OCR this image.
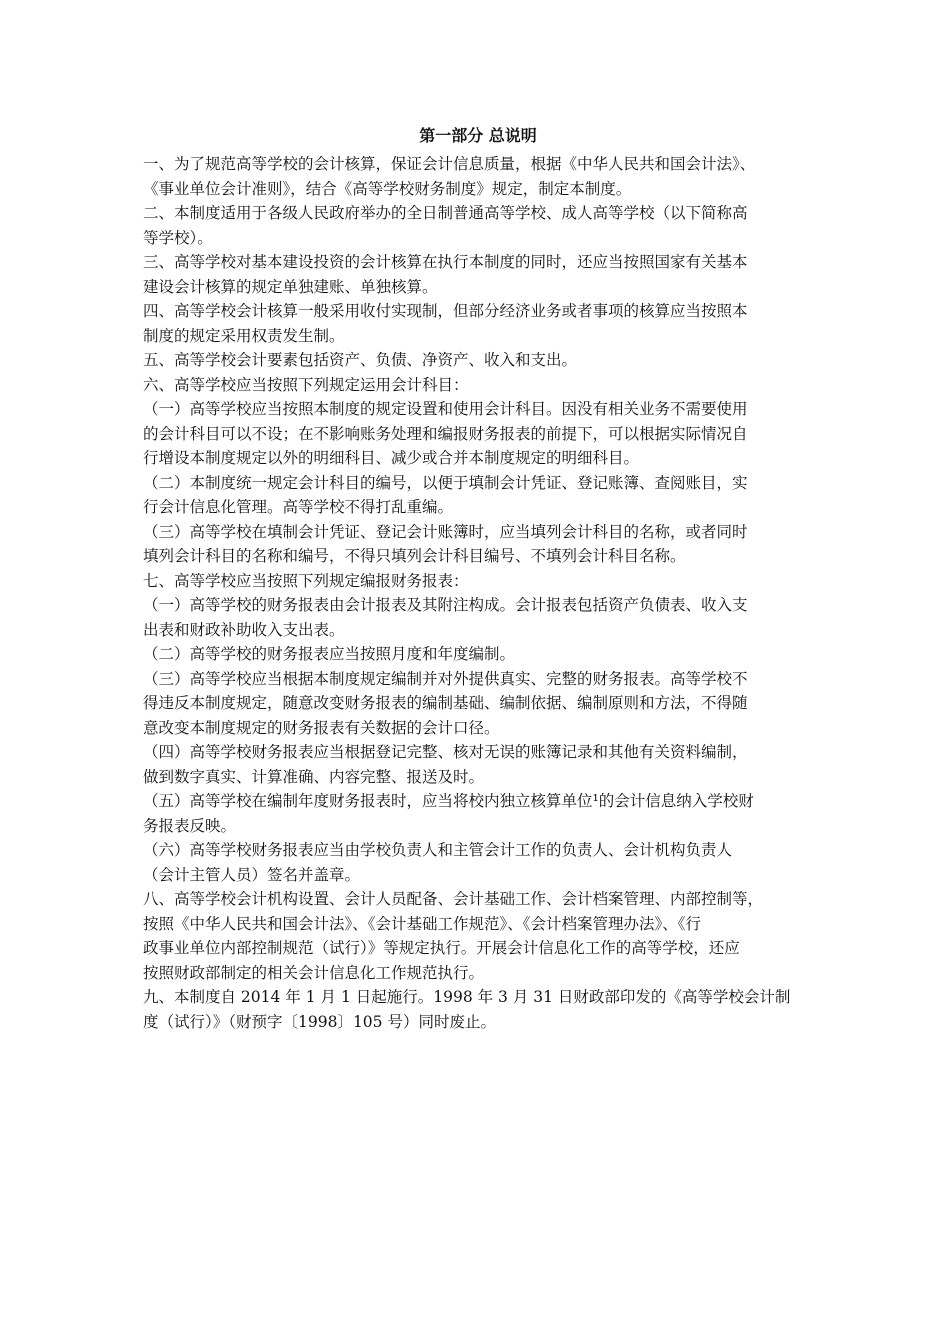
第一部分 总说明

一、为了规范高等学校的会计核算，保证会计信息质量，根据《中华人民共和国会计法》、
《事业单位会计准则》，结合《高等学校财务制度》规定，制定本制度。

二、本制度适用于各级人民政府举办的全日制普通高等学校、成人高等学校（以下简称高
等学校）。

三、高等学校对基本建设投资的会计核算在执行本制度的同时，还应当按照国家有关基本
建设会计核算的规定单独建账、单独核算。

四、高等学校会计核算一般采用收付实现制，但部分经济业务或者事项的核算应当按照本
制度的规定采用权责发生制。

五、高等学校会计要素包括资产、负债、净资产、收入和支出。

六、高等学校应当按照下列规定运用会计科目：

（一）高等学校应当按照本制度的规定设置和使用会计科目。因没有相关业务不需要使用
的会计科目可以不设；在不影响账务处理和编报财务报表的前提下，可以根据实际情况自
行增设本制度规定以外的明细科目、减少或合并本制度规定的明细科目。

（二）本制度统一规定会计科目的编号，以便于填制会计凭证、登记账簿、查阅账目，实
行会计信息化管理。高等学校不得打乱重编。

（三）高等学校在填制会计凭证、登记会计账簿时，应当填列会计科目的名称，或者同时
填列会计科目的名称和编号，不得只填列会计科目编号、不填列会计科目名称。

七、高等学校应当按照下列规定编报财务报表：

（一）高等学校的财务报表由会计报表及其附注构成。会计报表包括资产负债表、收入支
出表和财政补助收入支出表。

（二）高等学校的财务报表应当按照月度和年度编制。

（三）高等学校应当根据本制度规定编制并对外提供真实、完整的财务报表。高等学校不
得违反本制度规定，随意改变财务报表的编制基础、编制依据、编制原则和方法，不得随
意改变本制度规定的财务报表有关数据的会计口径。

（四）高等学校财务报表应当根据登记完整、核对无误的账簿记录和其他有关资料编制，
做到数字真实、计算准确、内容完整、报送及时。

（五）高等学校在编制年度财务报表时，应当将校内独立核算单位¹的会计信息纳入学校财
务报表反映。

（六）高等学校财务报表应当由学校负责人和主管会计工作的负责人、会计机构负责人
（会计主管人员）签名并盖章。

八、高等学校会计机构设置、会计人员配备、会计基础工作、会计档案管理、内部控制等，
按照《中华人民共和国会计法》、《会计基础工作规范》、《会计档案管理办法》、《行
政事业单位内部控制规范（试行）》等规定执行。开展会计信息化工作的高等学校，还应
按照财政部制定的相关会计信息化工作规范执行。

九、本制度自 2014 年 1 月 1 日起施行。1998 年 3 月 31 日财政部印发的《高等学校会计制
度（试行）》（财预字〔1998〕105 号）同时废止。
